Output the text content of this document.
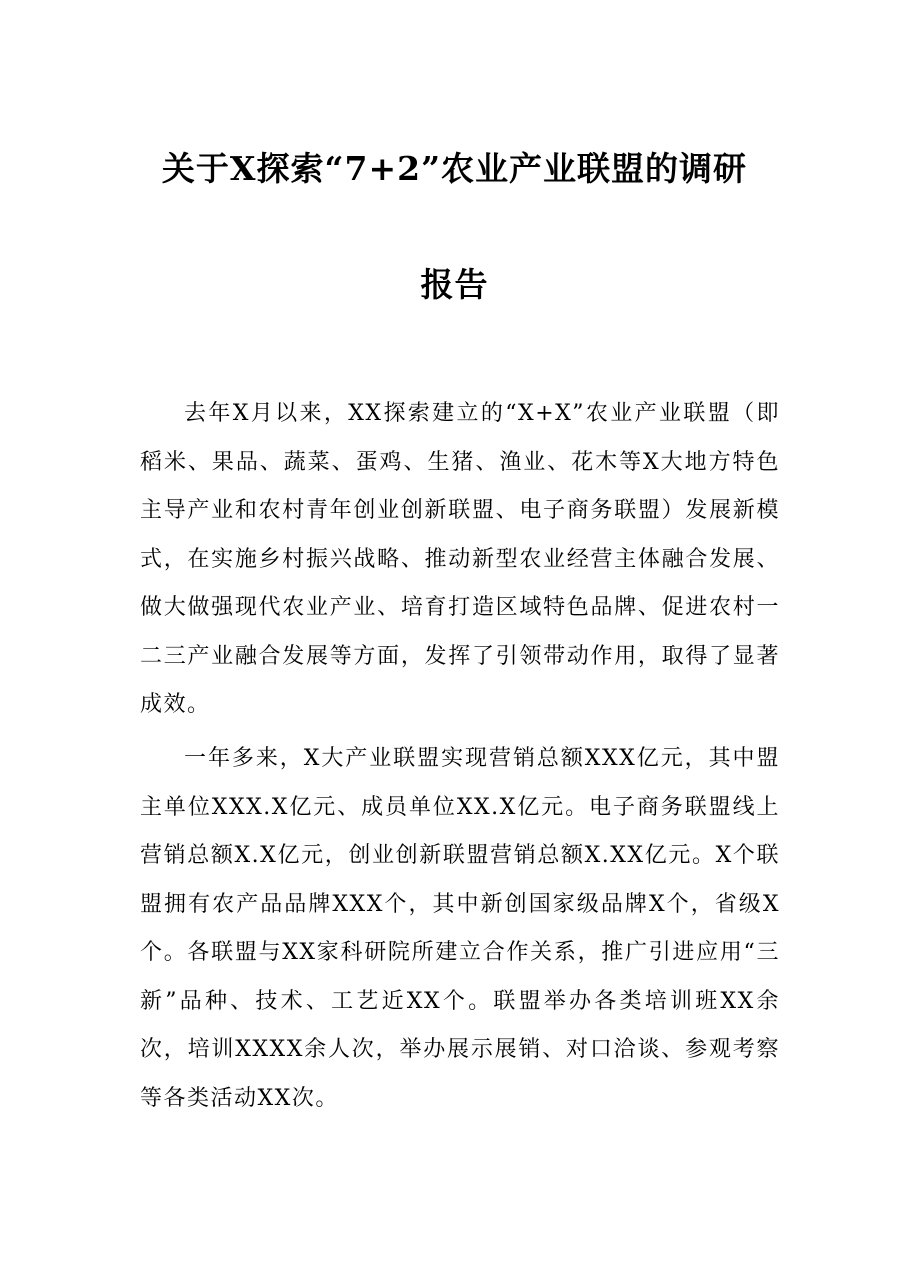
关于X探索“7+2”农业产业联盟的调研
报告

去年X月以来，XX探索建立的“X+X”农业产业联盟（即稻米、果品、蔬菜、蛋鸡、生猪、渔业、花木等X大地方特色主导产业和农村青年创业创新联盟、电子商务联盟）发展新模式，在实施乡村振兴战略、推动新型农业经营主体融合发展、做大做强现代农业产业、培育打造区域特色品牌、促进农村一二三产业融合发展等方面，发挥了引领带动作用，取得了显著成效。

一年多来，X大产业联盟实现营销总额XXX亿元，其中盟主单位XXX.X亿元、成员单位XX.X亿元。电子商务联盟线上营销总额X.X亿元，创业创新联盟营销总额X.XX亿元。X个联盟拥有农产品品牌XXX个，其中新创国家级品牌X个，省级X 个。各联盟与XX家科研院所建立合作关系，推广引进应用“三新”品种、技术、工艺近XX个。联盟举办各类培训班XX余次，培训XXXX余人次，举办展示展销、对口洽谈、参观考察等各类活动XX次。
